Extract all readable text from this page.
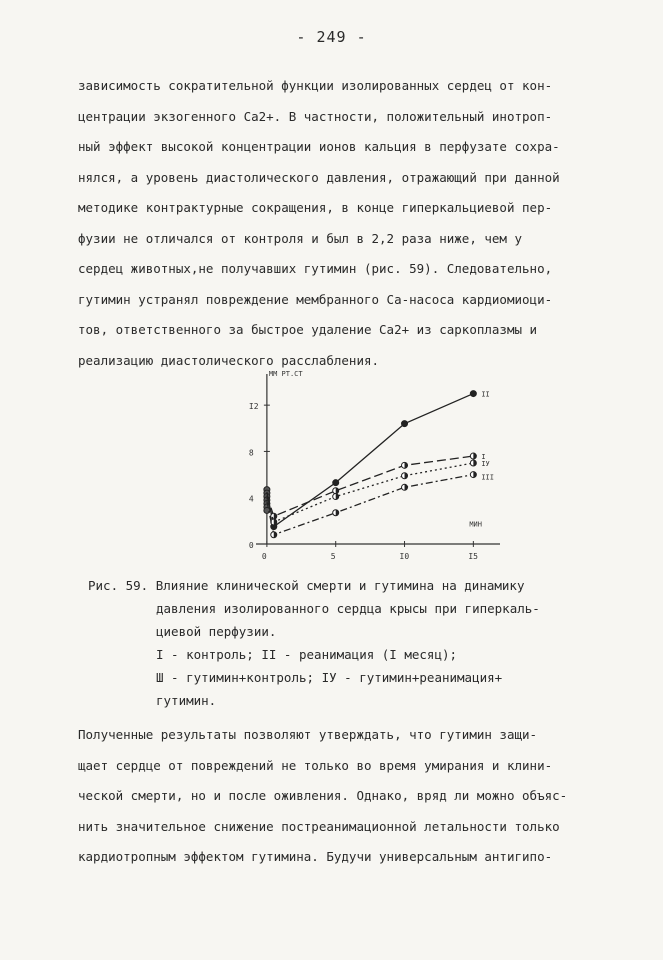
- 249 -
зависимость сократительной функции изолированных сердец от кон-
центрации экзогенного Ca2+. В частности, положительный инотроп-
ный эффект высокой концентрации ионов кальция в перфузате сохра-
нялся, а уровень диастолического давления, отражающий при данной
методике контрактурные сокращения, в конце гиперкальциевой пер-
фузии не отличался от контроля и был в 2,2 раза ниже, чем у
сердец животных,не получавших гутимин (рис. 59). Следовательно,
гутимин устранял повреждение мембранного Ca-насоса кардиомиоци-
тов, ответственного за быстрое удаление Ca2+ из саркоплазмы и
реализацию диастолического расслабления.
0
4
8
I2
0	5	I0	I5
ММ РТ.СТ
МИН
II
I
IУ
III
Рис. 59. Влияние клинической смерти и гутимина на динамику
давления изолированного сердца крысы при гиперкаль-
циевой перфузии.
I - контроль; II - реанимация (I месяц);
Ш - гутимин+контроль; IУ - гутимин+реанимация+
гутимин.
Полученные результаты позволяют утверждать, что гутимин защи-
щает сердце от повреждений не только во время умирания и клини-
ческой смерти, но и после оживления. Однако, вряд ли можно объяс-
нить значительное снижение постреанимационной летальности только
кардиотропным эффектом гутимина. Будучи универсальным антигипо-
